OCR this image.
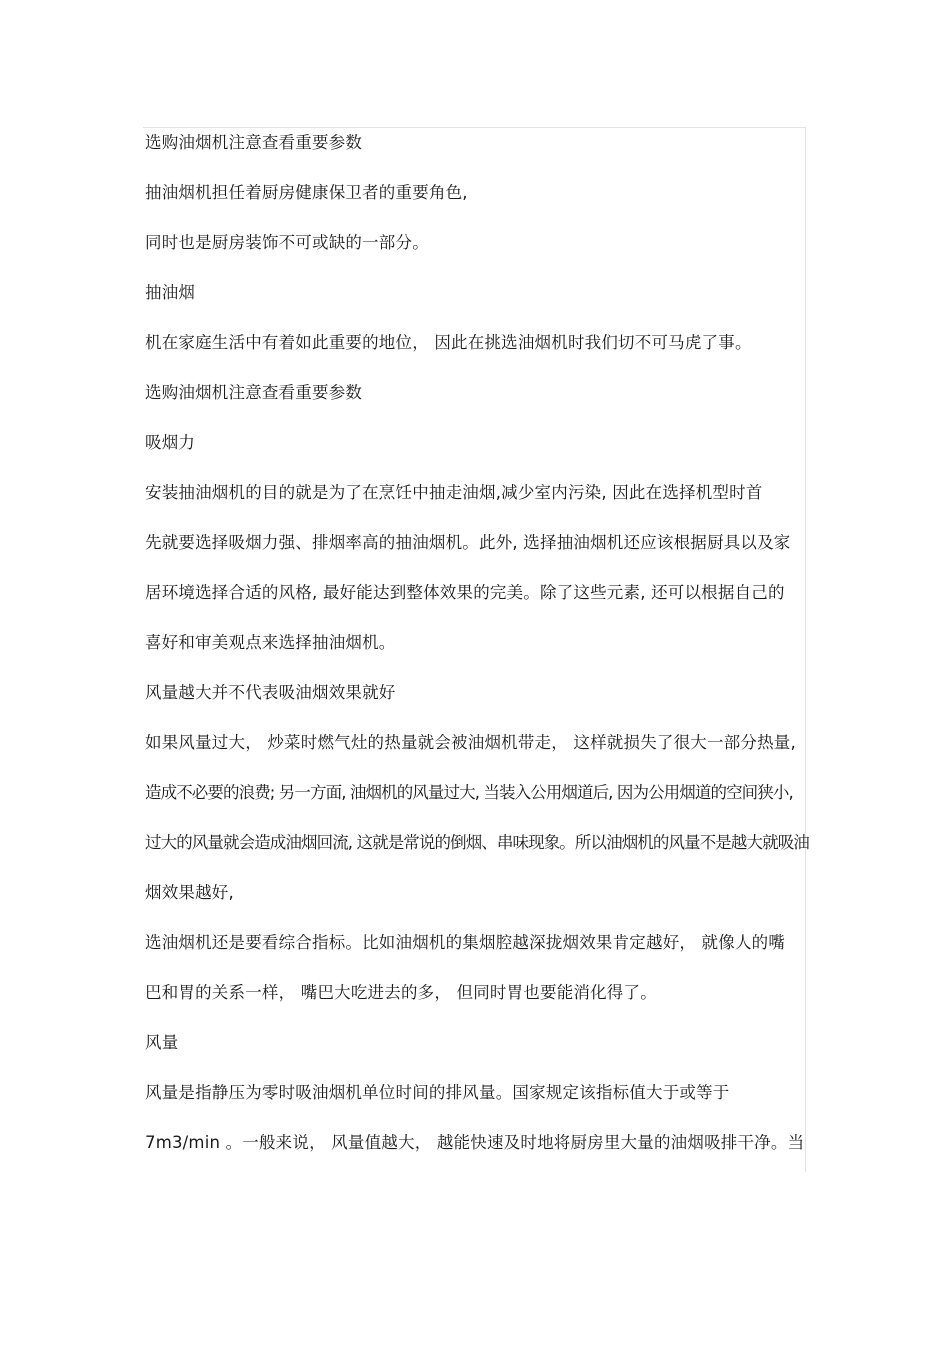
选购油烟机注意查看重要参数
抽油烟机担任着厨房健康保卫者的重要角色,
同时也是厨房装饰不可或缺的一部分。
抽油烟
机在家庭生活中有着如此重要的地位， 因此在挑选油烟机时我们切不可马虎了事。
选购油烟机注意查看重要参数
吸烟力
安装抽油烟机的目的就是为了在烹饪中抽走油烟,减少室内污染, 因此在选择机型时首
先就要选择吸烟力强、排烟率高的抽油烟机。此外, 选择抽油烟机还应该根据厨具以及家
居环境选择合适的风格, 最好能达到整体效果的完美。除了这些元素, 还可以根据自己的
喜好和审美观点来选择抽油烟机。
风量越大并不代表吸油烟效果就好
如果风量过大， 炒菜时燃气灶的热量就会被油烟机带走， 这样就损失了很大一部分热量,
造成不必要的浪费; 另一方面, 油烟机的风量过大, 当装入公用烟道后, 因为公用烟道的空间狭小,
过大的风量就会造成油烟回流, 这就是常说的倒烟、串味现象。所以油烟机的风量不是越大就吸油
烟效果越好,
选油烟机还是要看综合指标。比如油烟机的集烟腔越深拢烟效果肯定越好， 就像人的嘴
巴和胃的关系一样， 嘴巴大吃进去的多， 但同时胃也要能消化得了。
风量
风量是指静压为零时吸油烟机单位时间的排风量。国家规定该指标值大于或等于
7m3/min 。一般来说， 风量值越大， 越能快速及时地将厨房里大量的油烟吸排干净。当
